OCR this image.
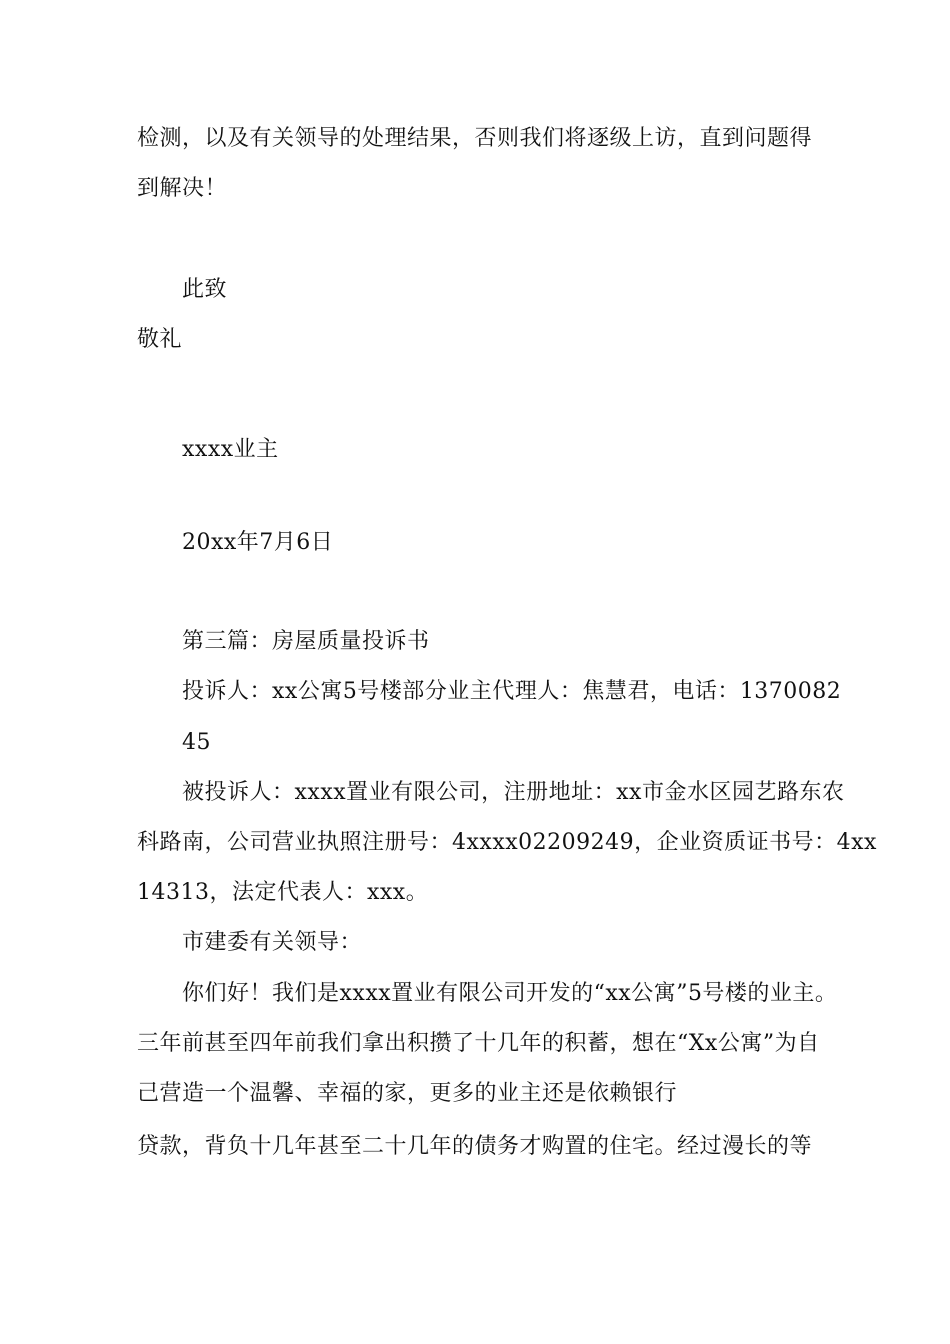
检测，以及有关领导的处理结果，否则我们将逐级上访，直到问题得
到解决！
此致
敬礼
xxxx业主
20xx年7月6日
第三篇：房屋质量投诉书
投诉人：xx公寓5号楼部分业主代理人：焦慧君，电话：1370082
45
被投诉人：xxxx置业有限公司，注册地址：xx市金水区园艺路东农
科路南，公司营业执照注册号：4xxxx02209249，企业资质证书号：4xx
14313，法定代表人：xxx。
市建委有关领导：
你们好！我们是xxxx置业有限公司开发的“xx公寓”5号楼的业主。
三年前甚至四年前我们拿出积攒了十几年的积蓄，想在“Xx公寓”为自
己营造一个温馨、幸福的家，更多的业主还是依赖银行
贷款，背负十几年甚至二十几年的债务才购置的住宅。经过漫长的等
